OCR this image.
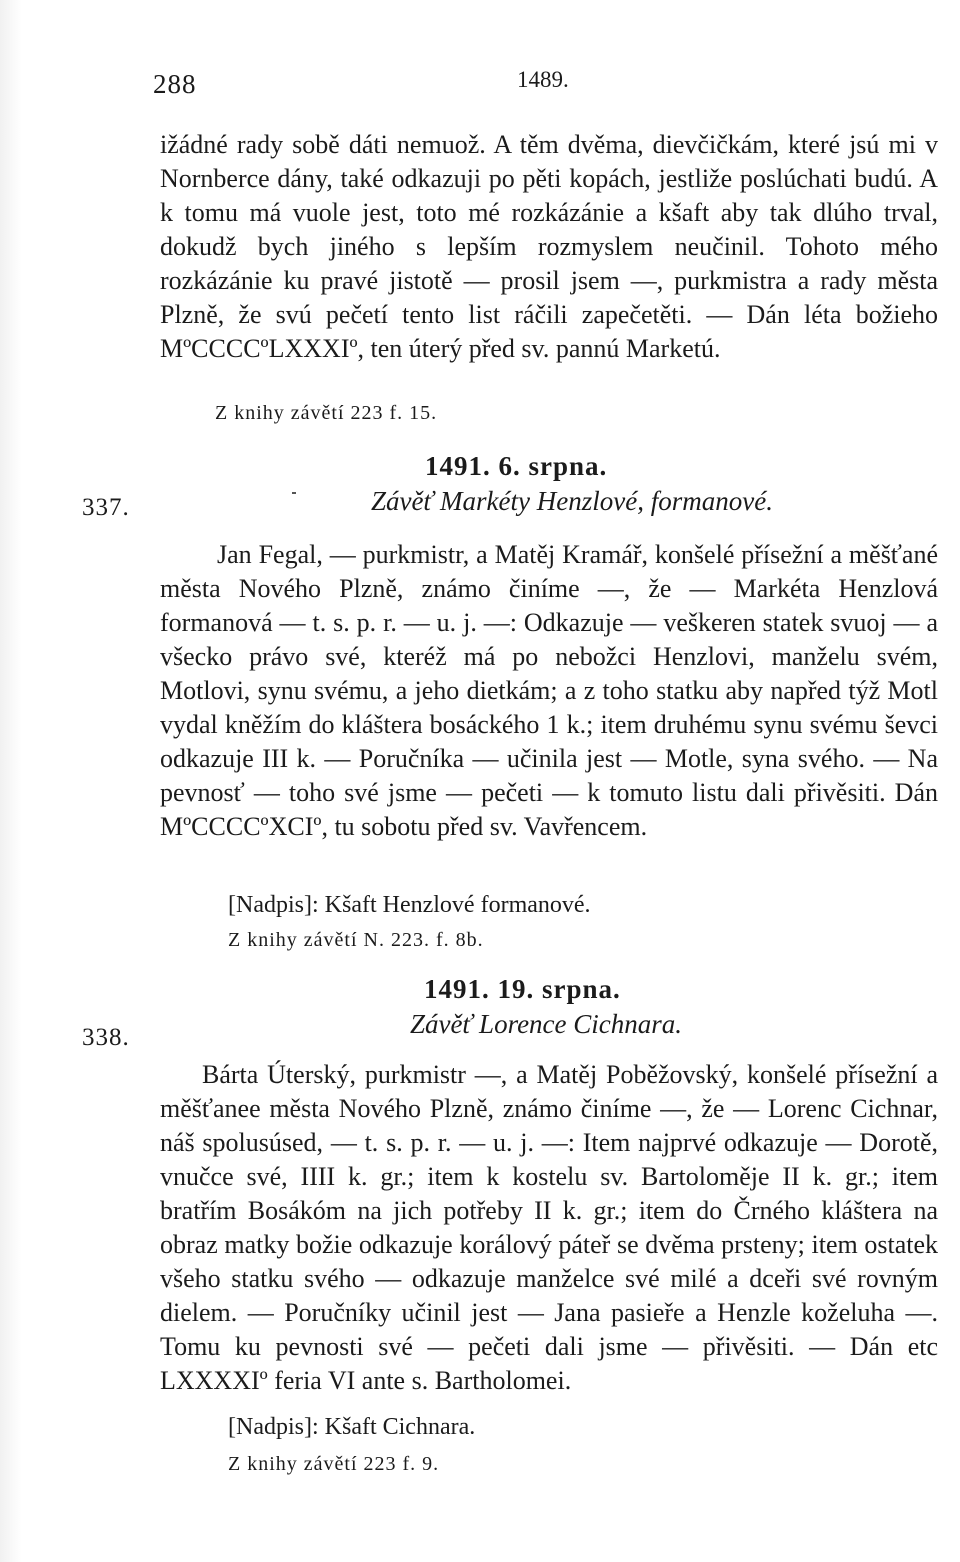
288	1489.

ižádné rady sobě dáti nemuož. A těm dvěma, dievčičkám, které jsú mi v Nornberce dány, také odkazuji po pěti kopách, jestliže poslúchati budú. A k tomu má vuole jest, toto mé rozkázánie a kšaft aby tak dlúho trval, dokudž bych jiného s lepším rozmyslem neučinil. Tohoto mého rozkázánie ku pravé jistotě — prosil jsem —, purkmistra a rady města Plzně, že svú pečetí tento list ráčili zapečetěti. — Dán léta božieho MºCCCCºLXXXIº, ten úterý před sv. pannú Marketú.

Z knihy závětí 223 f. 15.
1491. 6. srpna.
337.	Závěť Markéty Henzlové, formanové.

Jan Fegal, — purkmistr, a Matěj Kramář, konšelé přísežní a měšťané města Nového Plzně, známo činíme —, že — Markéta Henzlová formanová — t. s. p. r. — u. j. —: Odkazuje — veškeren statek svuoj — a všecko právo své, kteréž má po nebožci Henzlovi, manželu svém, Motlovi, synu svému, a jeho dietkám; a z toho statku aby napřed týž Motl vydal kněžím do kláštera bosáckého 1 k.; item druhému synu svému ševci odkazuje III k. — Poručníka — učinila jest — Motle, syna svého. — Na pevnosť — toho své jsme — pečeti — k tomuto listu dali přivěsiti. Dán MºCCCCºXCIº, tu sobotu před sv. Vavřencem.

[Nadpis]: Kšaft Henzlové formanové.
Z knihy závětí N. 223. f. 8b.
1491. 19. srpna.
338.	Závěť Lorence Cichnara.

Bárta Úterský, purkmistr —, a Matěj Poběžovský, konšelé přísežní a měšťanee města Nového Plzně, známo činíme —, že — Lorenc Cichnar, náš spolusúsed, — t. s. p. r. — u. j. —: Item najprvé odkazuje — Dorotě, vnučce své, IIII k. gr.; item k kostelu sv. Bartoloměje II k. gr.; item bratřím Bosákóm na jich potřeby II k. gr.; item do Črného kláštera na obraz matky božie odkazuje korálový páteř se dvěma prsteny; item ostatek všeho statku svého — odkazuje manželce své milé a dceři své rovným dielem. — Poručníky učinil jest — Jana pasieře a Henzle koželuha —. Tomu ku pevnosti své — pečeti dali jsme — přivěsiti. — Dán etc LXXXXIº feria VI ante s. Bartholomei.

[Nadpis]: Kšaft Cichnara.
Z knihy závětí 223 f. 9.
